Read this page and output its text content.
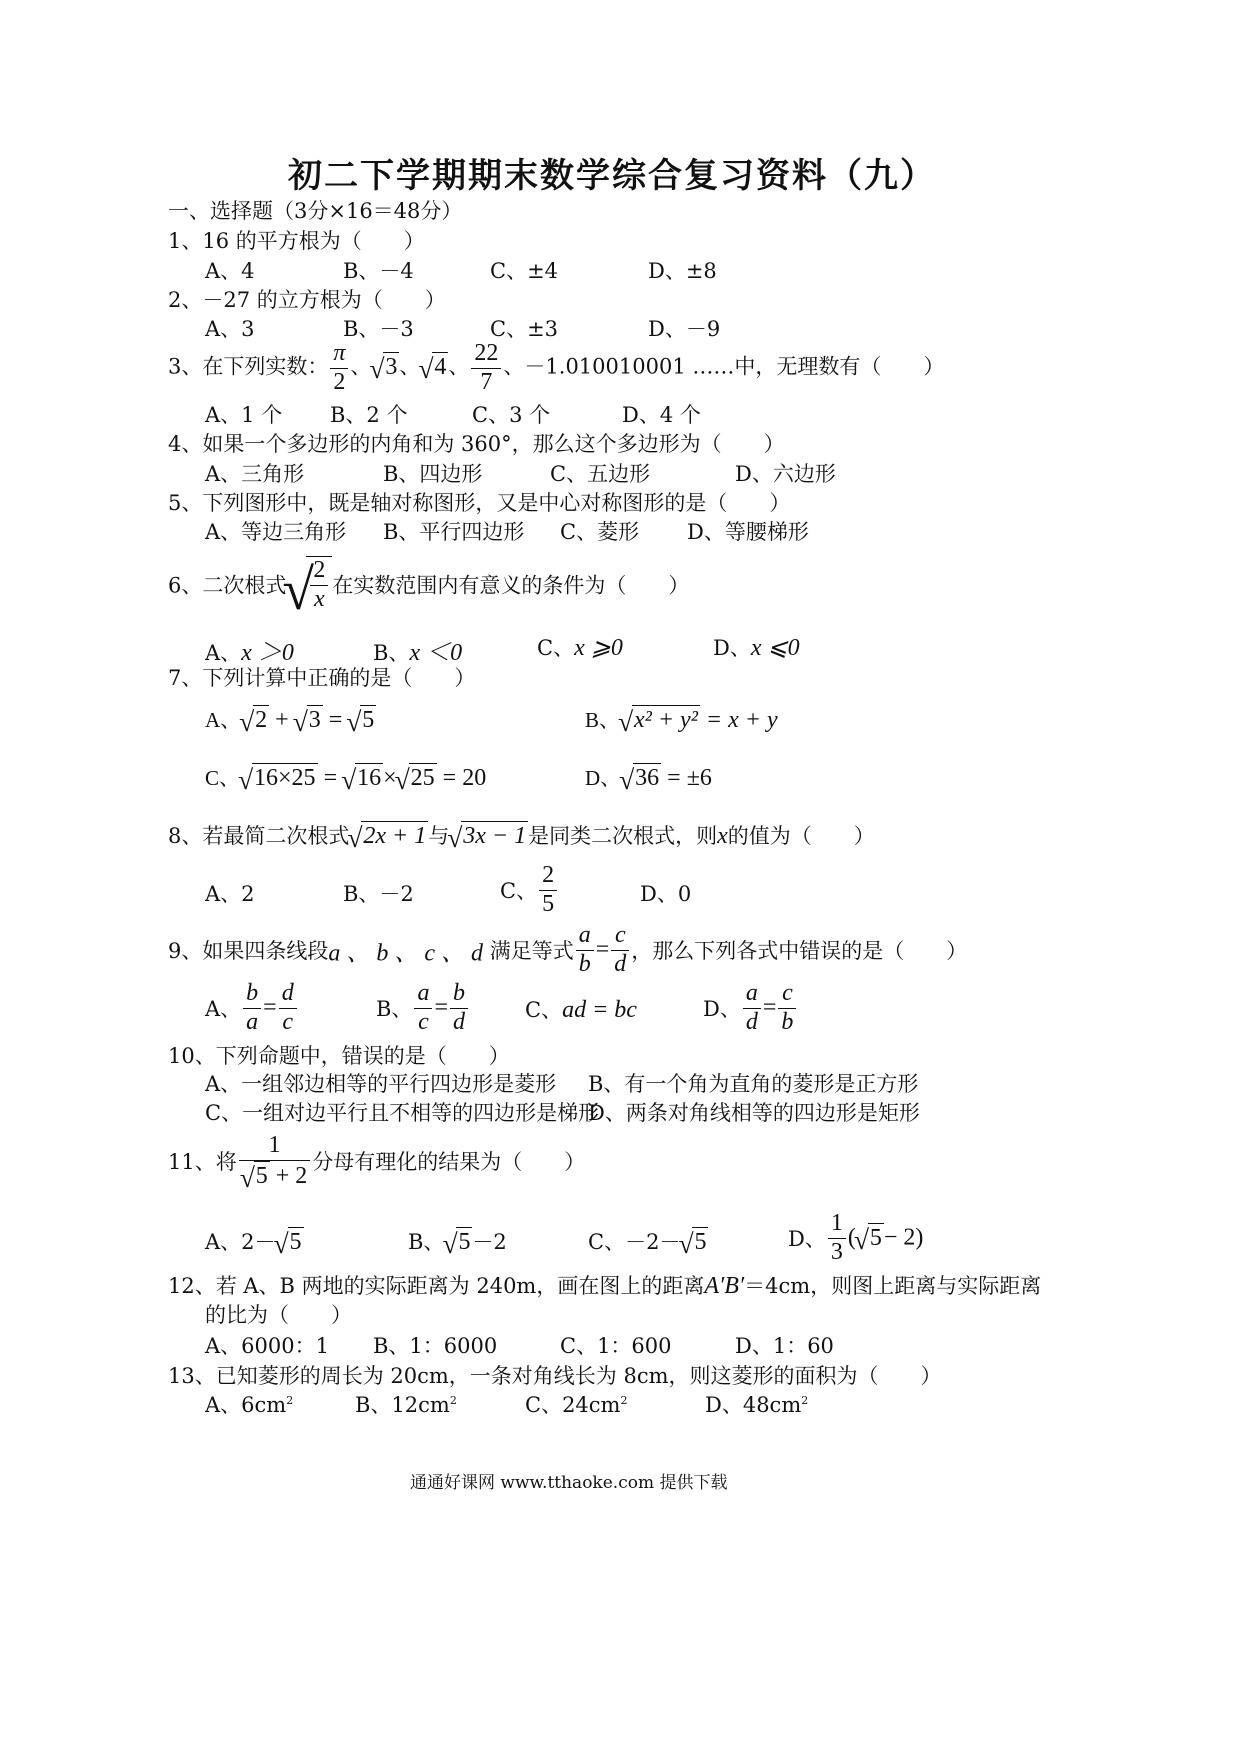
初二下学期期末数学综合复习资料（九）
一、选择题（3分×16＝48分）
1、16 的平方根为（　　）
A、4	B、－4	C、±4	D、±8
2、－27 的立方根为（　　）
A、3	B、－3	C、±3	D、－9
3、在下列实数： $\frac{\pi}{2}$ 、 √ 3、 √ 4、 $\frac{22}{7}$ 、－1.010010001 ……中，无理数有（　　）
A、1 个 B、2 个	C、3 个	D、4 个
4、如果一个多边形的内角和为 360°，那么这个多边形为（　　）
A、三角形	B、四边形	C、五边形	D、六边形
5、下列图形中，既是轴对称图形，又是中心对称图形的是（　　）
A、等边三角形 B、平行四边形 C、菱形 D、等腰梯形
6、二次根式 √ $\frac{2}{x}$ 在实数范围内有意义的条件为（　　）
A、x ＞0	B、x ＜0	C、x ⩾0	D、x ⩽0
7、下列计算中正确的是（　　）
A、 √ 2 + √ 3 = √ 5	B、 √ x² + y² = x + y
C、 √ 16×25 = √ 16× √ 25 = 20	D、 √ 36 = ±6
8、若最简二次根式 √ 2x + 1与 √ 3x − 1是同类二次根式，则x的值为（　　）
A、2	B、－2	C、 $\frac{2}{5}$	D、0
9、如果四条线段a 、 b 、 c 、 d 满足等式 $\frac{a}{b} = \frac{c}{d}$ ，那么下列各式中错误的是（　　）
A、 $\frac{b}{a} = \frac{d}{c}$	B、 $\frac{a}{c} = \frac{b}{d}$	C、ad = bc	D、 $\frac{a}{d} = \frac{c}{b}$
10、下列命题中，错误的是（　　）
A、一组邻边相等的平行四边形是菱形 B、有一个角为直角的菱形是正方形
C、一组对边平行且不相等的四边形是梯形
D、两条对角线相等的四边形是矩形
11、将 1
√ 5 + 2 分母有理化的结果为（　　）
A、2－ √ 5	B、 √ 5－2	C、－2－ √ 5	D、 $\frac{1}{3}$ ( √ 5− 2)
12、若 A、B 两地的实际距离为 240m，画在图上的距离A′B′＝4cm，则图上距离与实际距离
的比为（　　）
A、6000：1 B、1：6000	C、1：600	D、1：60
13、已知菱形的周长为 20cm，一条对角线长为 8cm，则这菱形的面积为（　　）
A、$6cm^2$	B、$12cm^2$	C、$24cm^2$	D、$48cm^2$
通通好课网 www.tthaoke.com 提供下载
